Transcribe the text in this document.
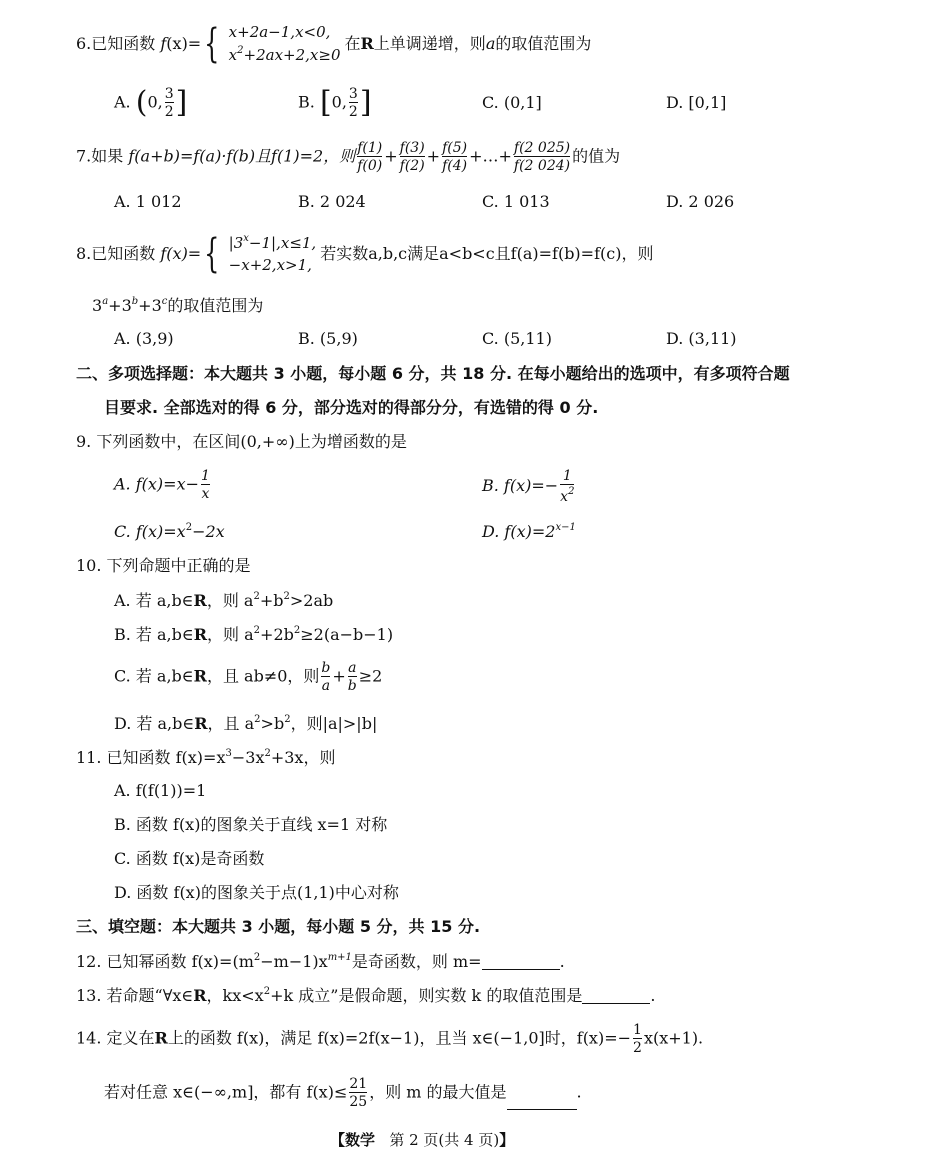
6.已知函数 f(x)={ x+2a−1,x<0,
$x^2+2ax+2,x\ge 0$
在R上单调递增，则a的取值范围为
A. (0, $\frac{3}{2}$ ]	B. [0, $\frac{3}{2}$ ]	C. (0,1]	D. [0,1]
7.如果 f(a+b)=f(a)·f(b)且f(1)=2，则 $\frac{f(1)}{f(0)} + \frac{f(3)}{f(2)} + \frac{f(5)}{f(4)}$ +…+ $\frac{f(2 025)}{f(2 024)}$ 的值为
A. 1 012	B. 2 024	C. 1 013	D. 2 026
8.已知函数 f(x)={ $|3^x-1|,x\le 1$,
−x+2,x>1,
若实数a,b,c满足a<b<c且f(a)=f(b)=f(c)，则
$3^a+3^b+3^c$的取值范围为
A. (3,9)	B. (5,9)	C. (5,11)	D. (3,11)
二、多项选择题：本大题共 3 小题，每小题 6 分，共 18 分. 在每小题给出的选项中，有多项符合题
目要求. 全部选对的得 6 分，部分选对的得部分分，有选错的得 0 分.
9. 下列函数中，在区间(0,+∞)上为增函数的是
A. $f(x)=x- \frac{1}{x}$	B. $f(x)=- \frac{1}{x^2}$
C. $f(x)=x^2-2x$	D. $f(x)=2^{x-1}$
10. 下列命题中正确的是
A. 若 a,b∈R，则 $a^2+b^2>2ab$
B. 若 a,b∈R，则 $a^2+2b^2\ge 2(a-b-1)$
C. 若 a,b∈R，且 ab≠0，则 $\frac{b}{a} + \frac{a}{b} \ge 2$
D. 若 a,b∈R，且 $a^2>b^2$，则|a|>|b|
11. 已知函数 $f(x)=x^3-3x^2+3x$，则
A. f(f(1))=1
B. 函数 f(x)的图象关于直线 x=1 对称
C. 函数 f(x)是奇函数
D. 函数 f(x)的图象关于点(1,1)中心对称
三、填空题：本大题共 3 小题，每小题 5 分，共 15 分.
12. 已知幂函数 $f(x)=(m^2-m-1)x^{m+1}$是奇函数，则 m=	.
13. 若命题“∀x∈R，$kx<x^2+k$ 成立”是假命题，则实数 k 的取值范围是	.
14. 定义在R上的函数 f(x)，满足 f(x)=2f(x−1)，且当 x∈(−1,0]时，$f(x)=- \frac{1}{2} x(x+1)$.
若对任意 x∈(−∞,m]，都有 $f(x)\le \frac{21}{25}$ ，则 m 的最大值是	.
【数学 第 2 页(共 4 页)】
